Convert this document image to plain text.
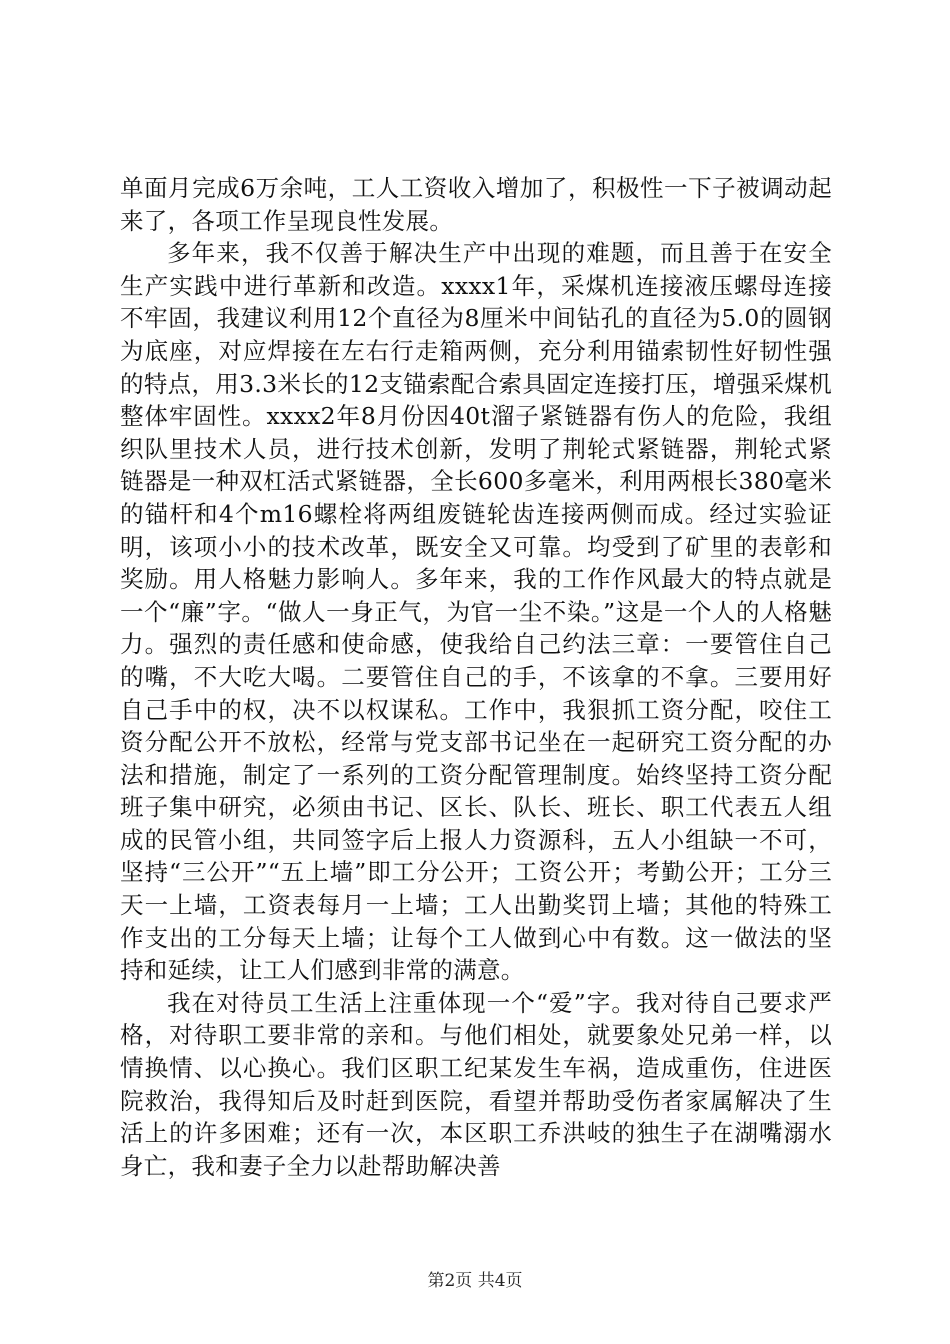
单面月完成6万余吨，工人工资收入增加了，积极性一下子被调动起来了，各项工作呈现良性发展。

多年来，我不仅善于解决生产中出现的难题，而且善于在安全生产实践中进行革新和改造。xxxx1年，采煤机连接液压螺母连接不牢固，我建议利用12个直径为8厘米中间钻孔的直径为5.0的圆钢为底座，对应焊接在左右行走箱两侧，充分利用锚索韧性好韧性强的特点，用3.3米长的12支锚索配合索具固定连接打压，增强采煤机整体牢固性。xxxx2年8月份因40t溜子紧链器有伤人的危险，我组织队里技术人员，进行技术创新，发明了荆轮式紧链器，荆轮式紧链器是一种双杠活式紧链器，全长600多毫米，利用两根长380毫米的锚杆和4个m16螺栓将两组废链轮齿连接两侧而成。经过实验证明，该项小小的技术改革，既安全又可靠。均受到了矿里的表彰和奖励。用人格魅力影响人。多年来，我的工作作风最大的特点就是一个“廉”字。“做人一身正气，为官一尘不染。”这是一个人的人格魅力。强烈的责任感和使命感，使我给自己约法三章：一要管住自己的嘴，不大吃大喝。二要管住自己的手，不该拿的不拿。三要用好自己手中的权，决不以权谋私。工作中，我狠抓工资分配，咬住工资分配公开不放松，经常与党支部书记坐在一起研究工资分配的办法和措施，制定了一系列的工资分配管理制度。始终坚持工资分配班子集中研究，必须由书记、区长、队长、班长、职工代表五人组成的民管小组，共同签字后上报人力资源科，五人小组缺一不可，坚持“三公开”“五上墙”即工分公开；工资公开；考勤公开；工分三天一上墙，工资表每月一上墙；工人出勤奖罚上墙；其他的特殊工作支出的工分每天上墙；让每个工人做到心中有数。这一做法的坚持和延续，让工人们感到非常的满意。

我在对待员工生活上注重体现一个“爱”字。我对待自己要求严格，对待职工要非常的亲和。与他们相处，就要象处兄弟一样，以情换情、以心换心。我们区职工纪某发生车祸，造成重伤，住进医院救治，我得知后及时赶到医院，看望并帮助受伤者家属解决了生活上的许多困难；还有一次，本区职工乔洪岐的独生子在湖嘴溺水身亡，我和妻子全力以赴帮助解决善

第2页 共4页
